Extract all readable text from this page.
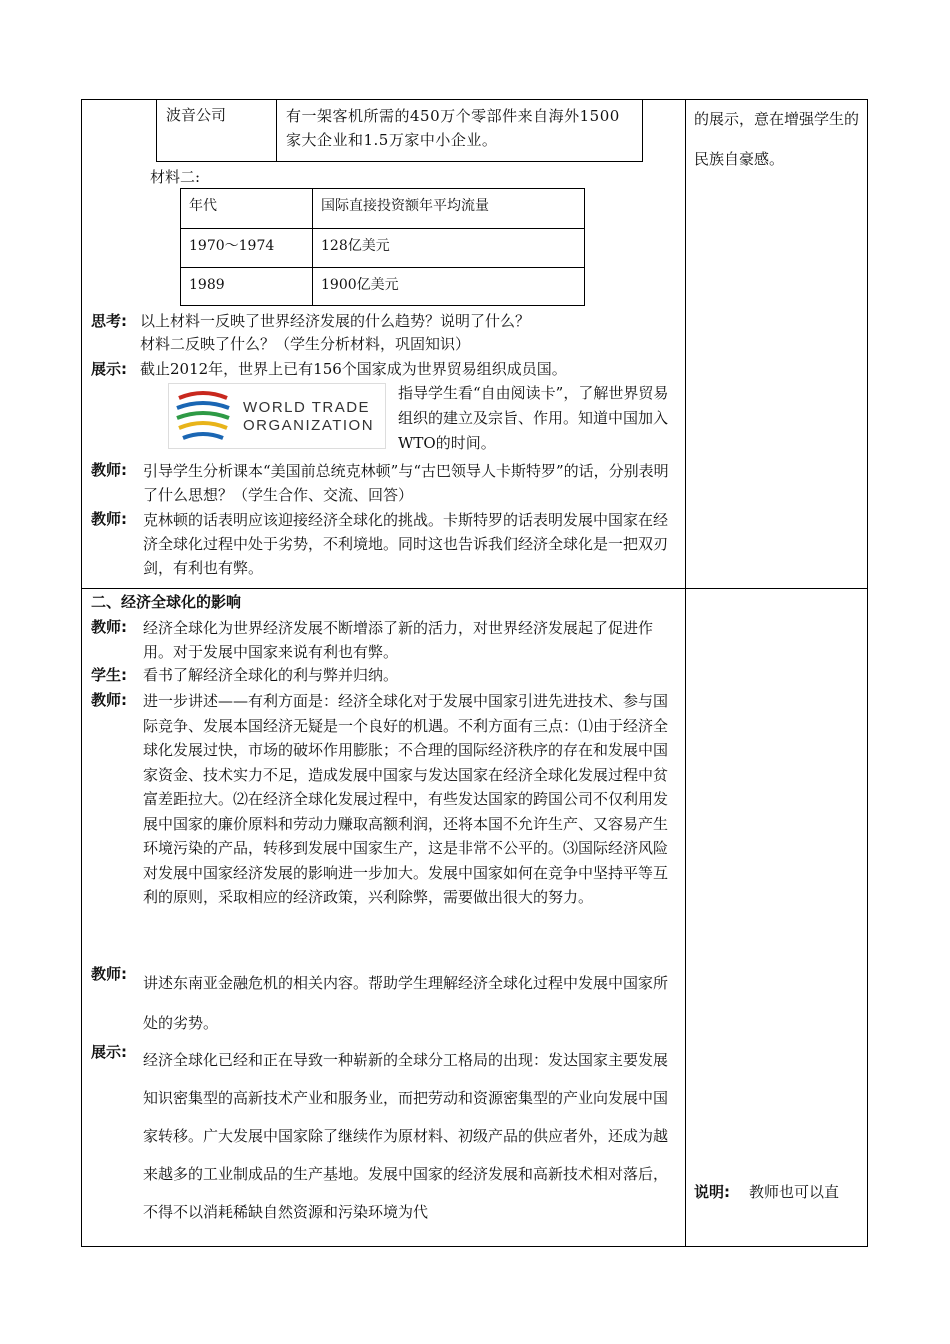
波音公司	有一架客机所需的450万个零部件来自海外1500家大企业和1.5万家中小企业。
材料二:
年代	国际直接投资额年平均流量
1970～1974	128亿美元
1989	1900亿美元
思考: 以上材料一反映了世界经济发展的什么趋势？说明了什么？
材料二反映了什么？（学生分析材料，巩固知识）
展示: 截止2012年，世界上已有156个国家成为世界贸易组织成员国。
WORLD TRADE
ORGANIZATION
指导学生看“自由阅读卡”，了解世界贸易组织的建立及宗旨、作用。知道中国加入WTO的时间。
教师: 引导学生分析课本“美国前总统克林顿”与“古巴领导人卡斯特罗”的话，分别表明了什么思想？（学生合作、交流、回答）
教师: 克林顿的话表明应该迎接经济全球化的挑战。卡斯特罗的话表明发展中国家在经济全球化过程中处于劣势，不利境地。同时这也告诉我们经济全球化是一把双刃剑，有利也有弊。
的展示，意在增强学生的民族自豪感。
二、经济全球化的影响
教师: 经济全球化为世界经济发展不断增添了新的活力，对世界经济发展起了促进作用。对于发展中国家来说有利也有弊。
学生: 看书了解经济全球化的利与弊并归纳。
教师: 进一步讲述——有利方面是：经济全球化对于发展中国家引进先进技术、参与国际竞争、发展本国经济无疑是一个良好的机遇。不利方面有三点：⑴由于经济全球化发展过快，市场的破坏作用膨胀；不合理的国际经济秩序的存在和发展中国家资金、技术实力不足，造成发展中国家与发达国家在经济全球化发展过程中贫富差距拉大。⑵在经济全球化发展过程中，有些发达国家的跨国公司不仅利用发展中国家的廉价原料和劳动力赚取高额利润，还将本国不允许生产、又容易产生环境污染的产品，转移到发展中国家生产，这是非常不公平的。⑶国际经济风险对发展中国家经济发展的影响进一步加大。发展中国家如何在竞争中坚持平等互利的原则，采取相应的经济政策，兴利除弊，需要做出很大的努力。
教师: 讲述东南亚金融危机的相关内容。帮助学生理解经济全球化过程中发展中国家所处的劣势。
展示: 经济全球化已经和正在导致一种崭新的全球分工格局的出现：发达国家主要发展知识密集型的高新技术产业和服务业，而把劳动和资源密集型的产业向发展中国家转移。广大发展中国家除了继续作为原材料、初级产品的供应者外，还成为越来越多的工业制成品的生产基地。发展中国家的经济发展和高新技术相对落后，不得不以消耗稀缺自然资源和污染环境为代
说明: 教师也可以直
